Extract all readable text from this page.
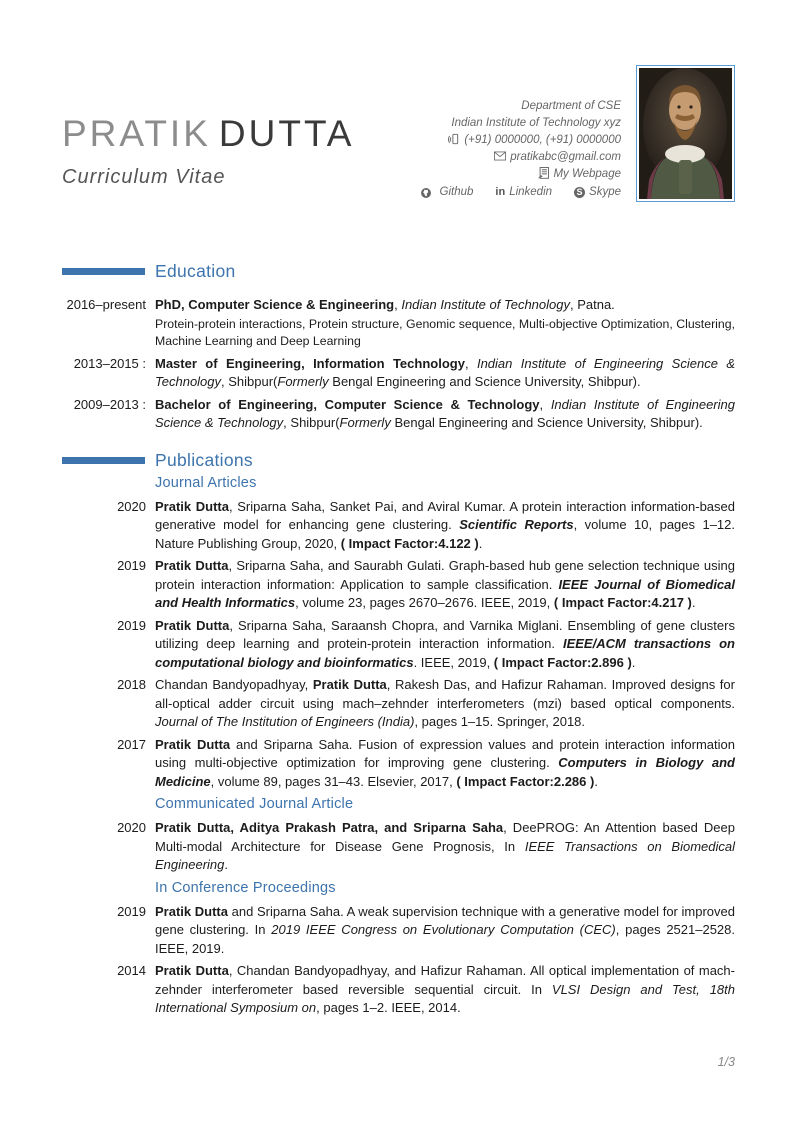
PRATIK DUTTA
Curriculum Vitae
Department of CSE
Indian Institute of Technology xyz
(+91) 0000000, (+91) 0000000
pratikabc@gmail.com
My Webpage
Github in Linkedin	S Skype
Education
2016–present PhD, Computer Science & Engineering, Indian Institute of Technology, Patna.
Protein-protein interactions, Protein structure, Genomic sequence, Multi-objective Optimization, Clustering, Machine Learning and Deep Learning
2013–2015 : Master of Engineering, Information Technology, Indian Institute of Engineering Science & Technology, Shibpur(Formerly Bengal Engineering and Science University, Shibpur).
2009–2013 : Bachelor of Engineering, Computer Science & Technology, Indian Institute of Engineering Science & Technology, Shibpur(Formerly Bengal Engineering and Science University, Shibpur).
Publications
Journal Articles
2020 Pratik Dutta, Sriparna Saha, Sanket Pai, and Aviral Kumar. A protein interaction information-based generative model for enhancing gene clustering. Scientific Reports, volume 10, pages 1–12. Nature Publishing Group, 2020, ( Impact Factor:4.122 ).
2019 Pratik Dutta, Sriparna Saha, and Saurabh Gulati. Graph-based hub gene selection technique using protein interaction information: Application to sample classification. IEEE Journal of Biomedical and Health Informatics, volume 23, pages 2670–2676. IEEE, 2019, ( Impact Factor:4.217 ).
2019 Pratik Dutta, Sriparna Saha, Saraansh Chopra, and Varnika Miglani. Ensembling of gene clusters utilizing deep learning and protein-protein interaction information. IEEE/ACM transactions on computational biology and bioinformatics. IEEE, 2019, ( Impact Factor:2.896 ).
2018 Chandan Bandyopadhyay, Pratik Dutta, Rakesh Das, and Hafizur Rahaman. Improved designs for all-optical adder circuit using mach–zehnder interferometers (mzi) based optical components. Journal of The Institution of Engineers (India), pages 1–15. Springer, 2018.
2017 Pratik Dutta and Sriparna Saha. Fusion of expression values and protein interaction information using multi-objective optimization for improving gene clustering. Computers in Biology and Medicine, volume 89, pages 31–43. Elsevier, 2017, ( Impact Factor:2.286 ).
Communicated Journal Article
2020 Pratik Dutta, Aditya Prakash Patra, and Sriparna Saha, DeePROG: An Attention based Deep Multi-modal Architecture for Disease Gene Prognosis, In IEEE Transactions on Biomedical Engineering.
In Conference Proceedings
2019 Pratik Dutta and Sriparna Saha. A weak supervision technique with a generative model for improved gene clustering. In 2019 IEEE Congress on Evolutionary Computation (CEC), pages 2521–2528. IEEE, 2019.
2014 Pratik Dutta, Chandan Bandyopadhyay, and Hafizur Rahaman. All optical implementation of mach-zehnder interferometer based reversible sequential circuit. In VLSI Design and Test, 18th International Symposium on, pages 1–2. IEEE, 2014.
1/3
